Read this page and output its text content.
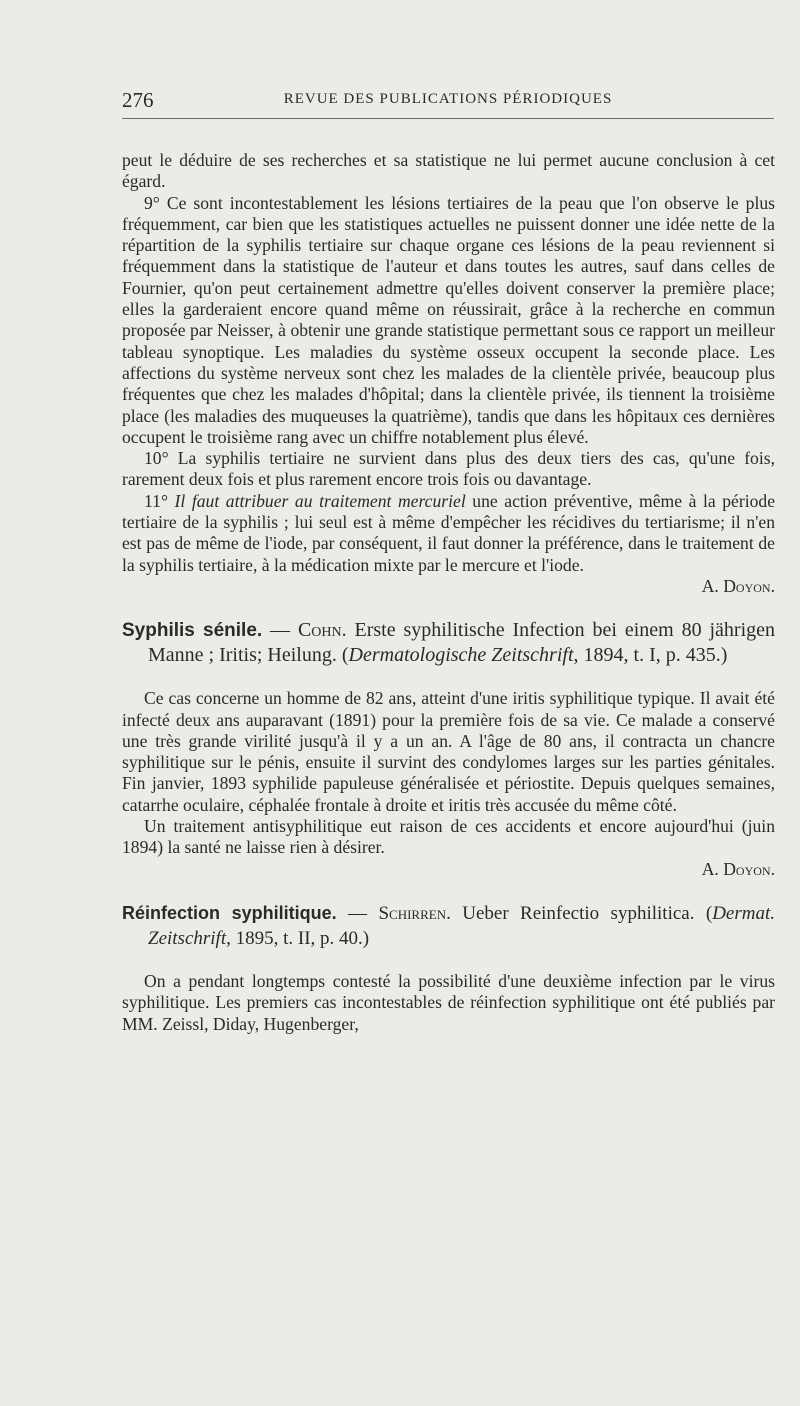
276	REVUE DES PUBLICATIONS PÉRIODIQUES

peut le déduire de ses recherches et sa statistique ne lui permet aucune conclusion à cet égard.

9° Ce sont incontestablement les lésions tertiaires de la peau que l'on observe le plus fréquemment, car bien que les statistiques actuelles ne puissent donner une idée nette de la répartition de la syphilis tertiaire sur chaque organe ces lésions de la peau reviennent si fréquemment dans la statistique de l'auteur et dans toutes les autres, sauf dans celles de Fournier, qu'on peut certainement admettre qu'elles doivent conserver la première place; elles la garderaient encore quand même on réussirait, grâce à la recherche en commun proposée par Neisser, à obtenir une grande statistique permettant sous ce rapport un meilleur tableau synoptique. Les maladies du système osseux occupent la seconde place. Les affections du système nerveux sont chez les malades de la clientèle privée, beaucoup plus fréquentes que chez les malades d'hôpital; dans la clientèle privée, ils tiennent la troisième place (les maladies des muqueuses la quatrième), tandis que dans les hôpitaux ces dernières occupent le troisième rang avec un chiffre notablement plus élevé.

10° La syphilis tertiaire ne survient dans plus des deux tiers des cas, qu'une fois, rarement deux fois et plus rarement encore trois fois ou davantage.

11° Il faut attribuer au traitement mercuriel une action préventive, même à la période tertiaire de la syphilis ; lui seul est à même d'empêcher les récidives du tertiarisme; il n'en est pas de même de l'iode, par conséquent, il faut donner la préférence, dans le traitement de la syphilis tertiaire, à la médication mixte par le mercure et l'iode.

A. Doyon.

Syphilis sénile. — Cohn. Erste syphilitische Infection bei einem 80 jährigen Manne ; Iritis; Heilung. (Dermatologische Zeitschrift, 1894, t. I, p. 435.)

Ce cas concerne un homme de 82 ans, atteint d'une iritis syphilitique typique. Il avait été infecté deux ans auparavant (1891) pour la première fois de sa vie. Ce malade a conservé une très grande virilité jusqu'à il y a un an. A l'âge de 80 ans, il contracta un chancre syphilitique sur le pénis, ensuite il survint des condylomes larges sur les parties génitales. Fin janvier, 1893 syphilide papuleuse généralisée et périostite. Depuis quelques semaines, catarrhe oculaire, céphalée frontale à droite et iritis très accusée du même côté.

Un traitement antisyphilitique eut raison de ces accidents et encore aujourd'hui (juin 1894) la santé ne laisse rien à désirer.

A. Doyon.

Réinfection syphilitique. — Schirren. Ueber Reinfectio syphilitica. (Dermat. Zeitschrift, 1895, t. II, p. 40.)

On a pendant longtemps contesté la possibilité d'une deuxième infection par le virus syphilitique. Les premiers cas incontestables de réinfection syphilitique ont été publiés par MM. Zeissl, Diday, Hugenberger,
